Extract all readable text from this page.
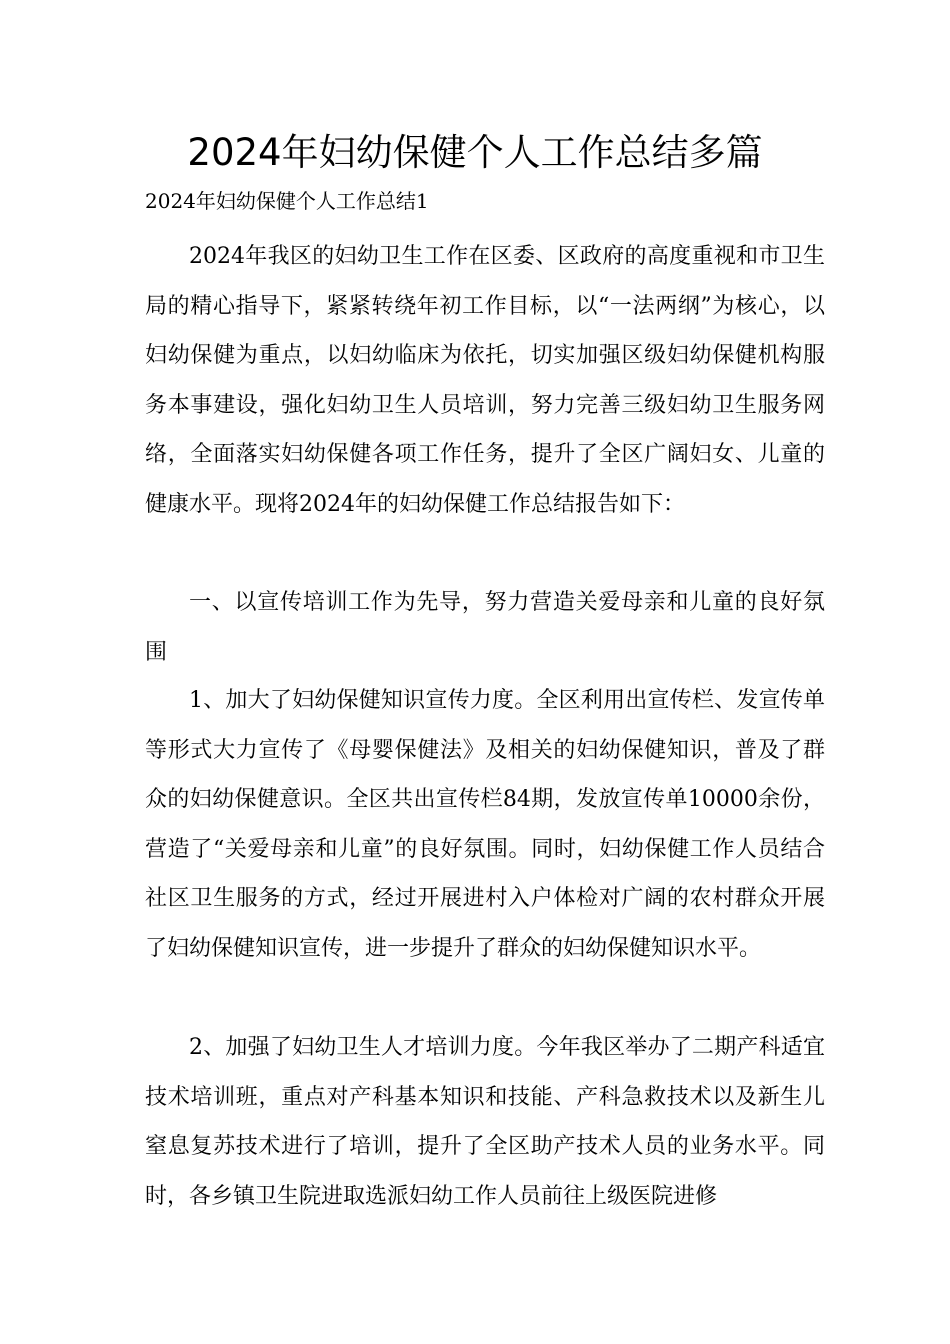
2024年妇幼保健个人工作总结多篇
2024年妇幼保健个人工作总结1

2024年我区的妇幼卫生工作在区委、区政府的高度重视和市卫生局的精心指导下，紧紧转绕年初工作目标，以“一法两纲”为核心，以妇幼保健为重点，以妇幼临床为依托，切实加强区级妇幼保健机构服务本事建设，强化妇幼卫生人员培训，努力完善三级妇幼卫生服务网络，全面落实妇幼保健各项工作任务，提升了全区广阔妇女、儿童的健康水平。现将2024年的妇幼保健工作总结报告如下：

一、以宣传培训工作为先导，努力营造关爱母亲和儿童的良好氛围

1、加大了妇幼保健知识宣传力度。全区利用出宣传栏、发宣传单等形式大力宣传了《母婴保健法》及相关的妇幼保健知识，普及了群众的妇幼保健意识。全区共出宣传栏84期，发放宣传单10000余份，营造了“关爱母亲和儿童”的良好氛围。同时，妇幼保健工作人员结合社区卫生服务的方式，经过开展进村入户体检对广阔的农村群众开展了妇幼保健知识宣传，进一步提升了群众的妇幼保健知识水平。

2、加强了妇幼卫生人才培训力度。今年我区举办了二期产科适宜技术培训班，重点对产科基本知识和技能、产科急救技术以及新生儿窒息复苏技术进行了培训，提升了全区助产技术人员的业务水平。同时，各乡镇卫生院进取选派妇幼工作人员前往上级医院进修
